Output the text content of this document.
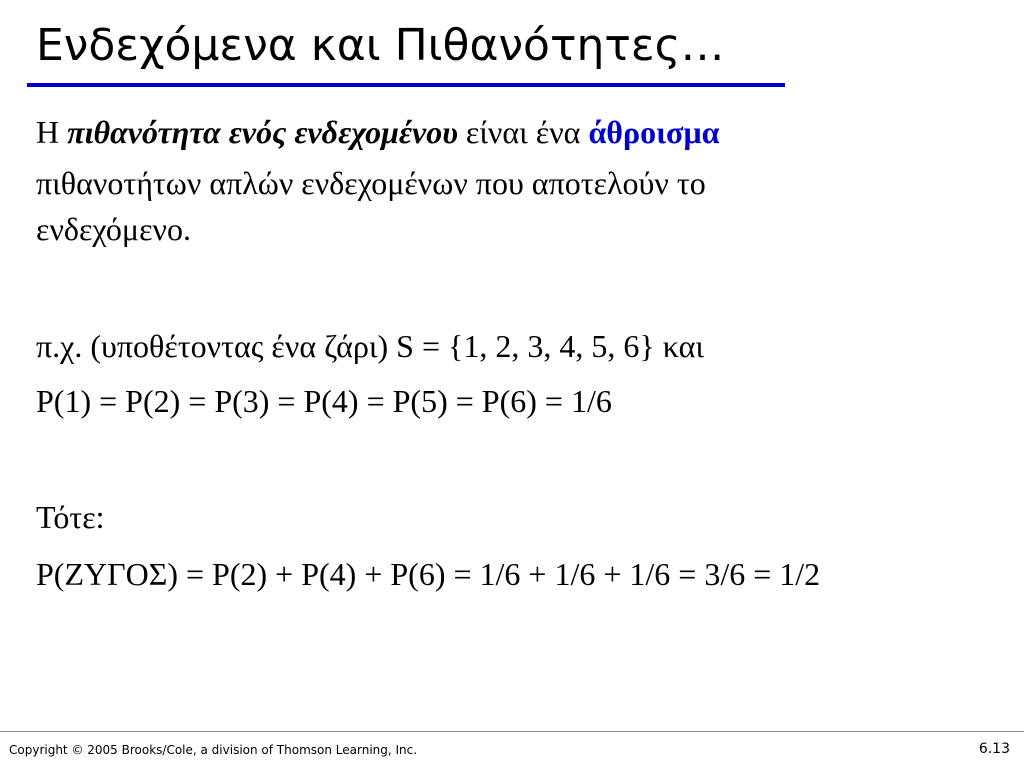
Ενδεχόμενα και Πιθανότητες…

Η πιθανότητα ενός ενδεχομένου είναι ένα άθροισμα

πιθανοτήτων απλών ενδεχομένων που αποτελούν το

ενδεχόμενο.

π.χ. (υποθέτοντας ένα ζάρι) S = {1, 2, 3, 4, 5, 6} και

P(1) = P(2) = P(3) = P(4) = P(5) = P(6) = 1/6

Τότε:

P(ΖΥΓΟΣ) = P(2) + P(4) + P(6) = 1/6 + 1/6 + 1/6 = 3/6 = 1/2

Copyright © 2005 Brooks/Cole, a division of Thomson Learning, Inc.	6.13
